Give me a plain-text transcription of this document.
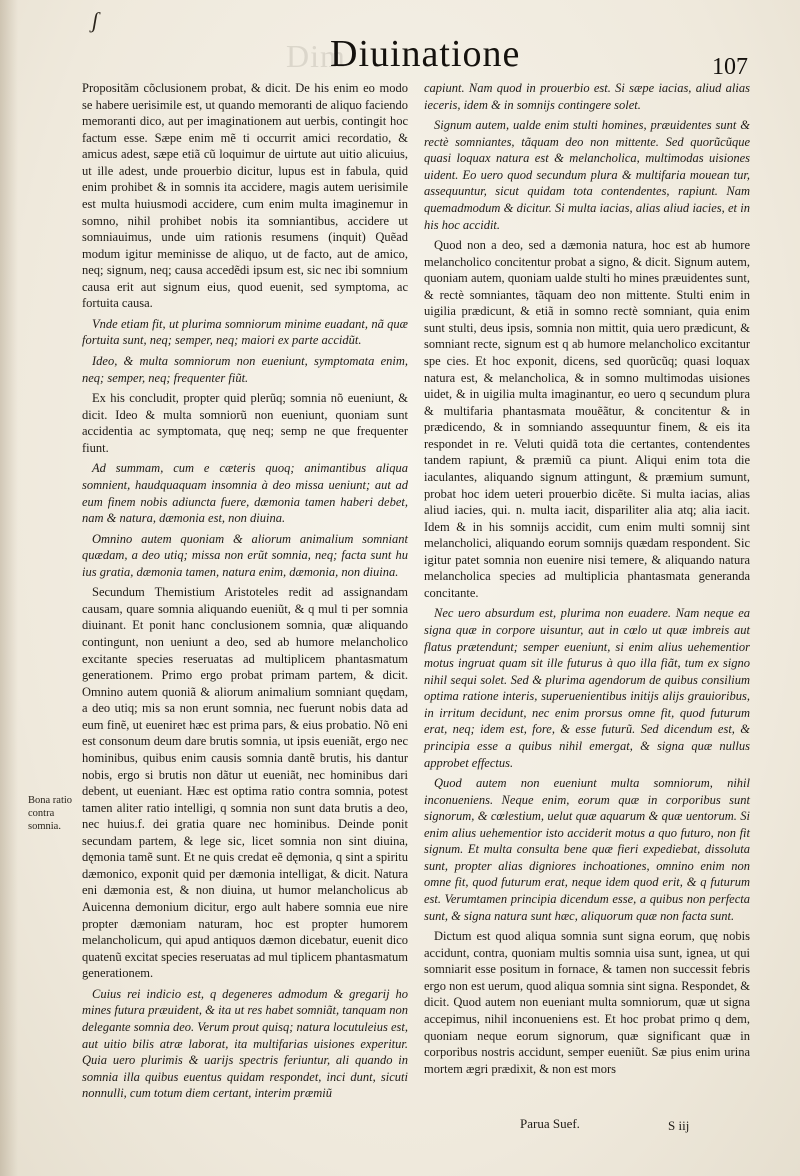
ʃ
Dim
Diuinatione	107

Propositãm cõclusionem probat, & dicit. De his enim eo modo se habere uerisimile est, ut quando memoranti de aliquo faciendo memoranti dico, aut per imaginationem aut uerbis, contingit hoc factum esse. Sæpe enim mẽ ti occurrit amici recordatio, & amicus adest, sæpe etiã cũ loquimur de uirtute aut uitio alicuius, ut ille adest, unde prouerbio dicitur, lupus est in fabula, quid enim prohibet & in somnis ita accidere, magis autem uerisimile est multa huiusmodi accidere, cum enim multa imaginemur in somno, nihil prohibet nobis ita somniantibus, accidere ut somniauimus, unde uim rationis resumens (inquit) Quẽad modum igitur meminisse de aliquo, ut de facto, aut de amico, neq; signum, neq; causa accedẽdi ipsum est, sic nec ibi somnium causa erit aut signum eius, quod euenit, sed symptoma, ac fortuita causa.

Vnde etiam fit, ut plurima somniorum minime euadant, nã quæ fortuita sunt, neq; semper, neq; maiori ex parte accidũt.

Ideo, & multa somniorum non eueniunt, symptomata enim, neq; semper, neq; frequenter fiũt.

Ex his concludit, propter quid plerũq; somnia nõ eueniunt, & dicit. Ideo & multa somniorũ non eueniunt, quoniam sunt accidentia ac symptomata, quę neq; semp ne que frequenter fiunt.

Ad summam, cum e cæteris quoq; animantibus aliqua somnient, haudquaquam insomnia à deo missa ueniunt; aut ad eum finem nobis adiuncta fuere, dæmonia tamen haberi debet, nam & natura, dæmonia est, non diuina.

Omnino autem quoniam & aliorum animalium somniant quædam, a deo utiq; missa non erũt somnia, neq; facta sunt hu ius gratia, dæmonia tamen, natura enim, dæmonia, non diuina.

Secundum Themistium Aristoteles redit ad assignandam causam, quare somnia aliquando eueniũt, & q mul ti per somnia diuinant. Et ponit hanc conclusionem somnia, quæ aliquando contingunt, non ueniunt a deo, sed ab humore melancholico excitante species reseruatas ad multiplicem phantasmatum generationem. Primo ergo probat primam partem, & dicit. Omnino autem quoniã & aliorum animalium somniant quędam, a deo utiq; mis sa non erunt somnia, nec fuerunt nobis data ad eum finẽ, ut eueniret hæc est prima pars, & eius probatio. Nõ eni est consonum deum dare brutis somnia, ut ipsis eueniãt, ergo nec hominibus, quibus enim causis somnia dantẽ brutis, his dantur nobis, ergo si brutis non dãtur ut eueniãt, nec hominibus dari debent, ut eueniant. Hæc est optima ratio contra somnia, potest tamen aliter ratio intelligi, q somnia non sunt data brutis a deo, nec huius.f. dei gratia quare nec hominibus. Deinde ponit secundam partem, & lege sic, licet somnia non sint diuina, dęmonia tamẽ sunt. Et ne quis credat eẽ dęmonia, q sint a spiritu dæmonico, exponit quid per dæmonia intelligat, & dicit. Natura eni dæmonia est, & non diuina, ut humor melancholicus ab Auicenna demonium dicitur, ergo ault habere somnia eue nire propter dæmoniam naturam, hoc est propter humorem melancholicum, qui apud antiquos dæmon dicebatur, euenit dico quatenũ excitat species reseruatas ad mul tiplicem phantasmatum generationem.

Cuius rei indicio est, q degeneres admodum & gregarij ho mines futura præuident, & ita ut res habet somniãt, tanquam non delegante somnia deo. Verum prout quisq; natura locutuleius est, aut uitio bilis atræ laborat, ita multifarias uisiones experitur. Quia uero plurimis & uarijs spectris feriuntur, ali quando in somnia illa quibus euentus quidam respondet, inci dunt, sicuti nonnulli, cum totum diem certant, interim præmiũ

capiunt. Nam quod in prouerbio est. Si sæpe iacias, aliud alias ieceris, idem & in somnijs contingere solet.

Signum autem, ualde enim stulti homines, præuidentes sunt & rectè somniantes, tãquam deo non mittente. Sed quorũcũque quasi loquax natura est & melancholica, multimodas uisiones uident. Eo uero quod secundum plura & multifaria mouean tur, assequuntur, sicut quidam tota contendentes, rapiunt. Nam quemadmodum & dicitur. Si multa iacias, alias aliud iacies, et in his hoc accidit.

Quod non a deo, sed a dæmonia natura, hoc est ab humore melancholico concitentur probat a signo, & dicit. Signum autem, quoniam autem, quoniam ualde stulti ho mines præuidentes sunt, & rectè somniantes, tãquam deo non mittente. Stulti enim in uigilia prædicunt, & etiã in somno rectè somniant, quia enim sunt stulti, deus ipsis, somnia non mittit, quia uero prædicunt, & somniant recte, signum est q ab humore melancholico excitantur spe cies. Et hoc exponit, dicens, sed quorũcũq; quasi loquax natura est, & melancholica, & in somno multimodas uisiones uidet, & in uigilia multa imaginantur, eo uero q secundum plura & multifaria phantasmata mouẽãtur, & concitentur & in prædicendo, & in somniando assequuntur finem, & eis ita respondet in re. Veluti quidã tota die certantes, contendentes tandem rapiunt, & præmiũ ca piunt. Aliqui enim tota die iaculantes, aliquando signum attingunt, & præmium sumunt, probat hoc idem ueteri prouerbio dicẽte. Si multa iacias, alias aliud iacies, qui. n. multa iacit, dispariliter alia atq; alia iacit. Idem & in his somnijs accidit, cum enim multi somnij sint melancholici, aliquando eorum somnijs quædam respondent. Sic igitur patet somnia non euenire nisi temere, & aliquando natura melancholica species ad multiplicia phantasmata generanda concitante.

Nec uero absurdum est, plurima non euadere. Nam neque ea signa quæ in corpore uisuntur, aut in cœlo ut quæ imbreis aut flatus prætendunt; semper eueniunt, si enim alius uehementior motus ingruat quam sit ille futurus à quo illa fiãt, tum ex signo nihil sequi solet. Sed & plurima agendorum de quibus consilium optima ratione interis, superuenientibus initijs alijs grauioribus, in irritum decidunt, nec enim prorsus omne fit, quod futurum erat, neq; idem est, fore, & esse futurũ. Sed dicendum est, & principia esse a quibus nihil emergat, & signa quæ nullus approbet effectus.

Quod autem non eueniunt multa somniorum, nihil inconueniens. Neque enim, eorum quæ in corporibus sunt signorum, & cœlestium, uelut quæ aquarum & quæ uentorum. Si enim alius uehementior isto acciderit motus a quo futuro, non fit signum. Et multa consulta bene quæ fieri expediebat, dissoluta sunt, propter alias digniores inchoationes, omnino enim non omne fit, quod futurum erat, neque idem quod erit, & q futurum est. Verumtamen principia dicendum esse, a quibus non perfecta sunt, & signa natura sunt hæc, aliquorum quæ non facta sunt.

Dictum est quod aliqua somnia sunt signa eorum, quę nobis accidunt, contra, quoniam multis somnia uisa sunt, ignea, ut qui somniarit esse positum in fornace, & tamen non successit febris ergo non est uerum, quod aliqua somnia sint signa. Respondet, & dicit. Quod autem non eueniant multa somniorum, quæ ut signa accepimus, nihil inconueniens est. Et hoc probat primo q dem, quoniam neque eorum signorum, quæ significant quæ in corporibus nostris accidunt, semper eueniũt. Sæ pius enim urina mortem ægri prædixit, & non est mors

Bona ratio contra somnia.
Parua Suef.	S iij
